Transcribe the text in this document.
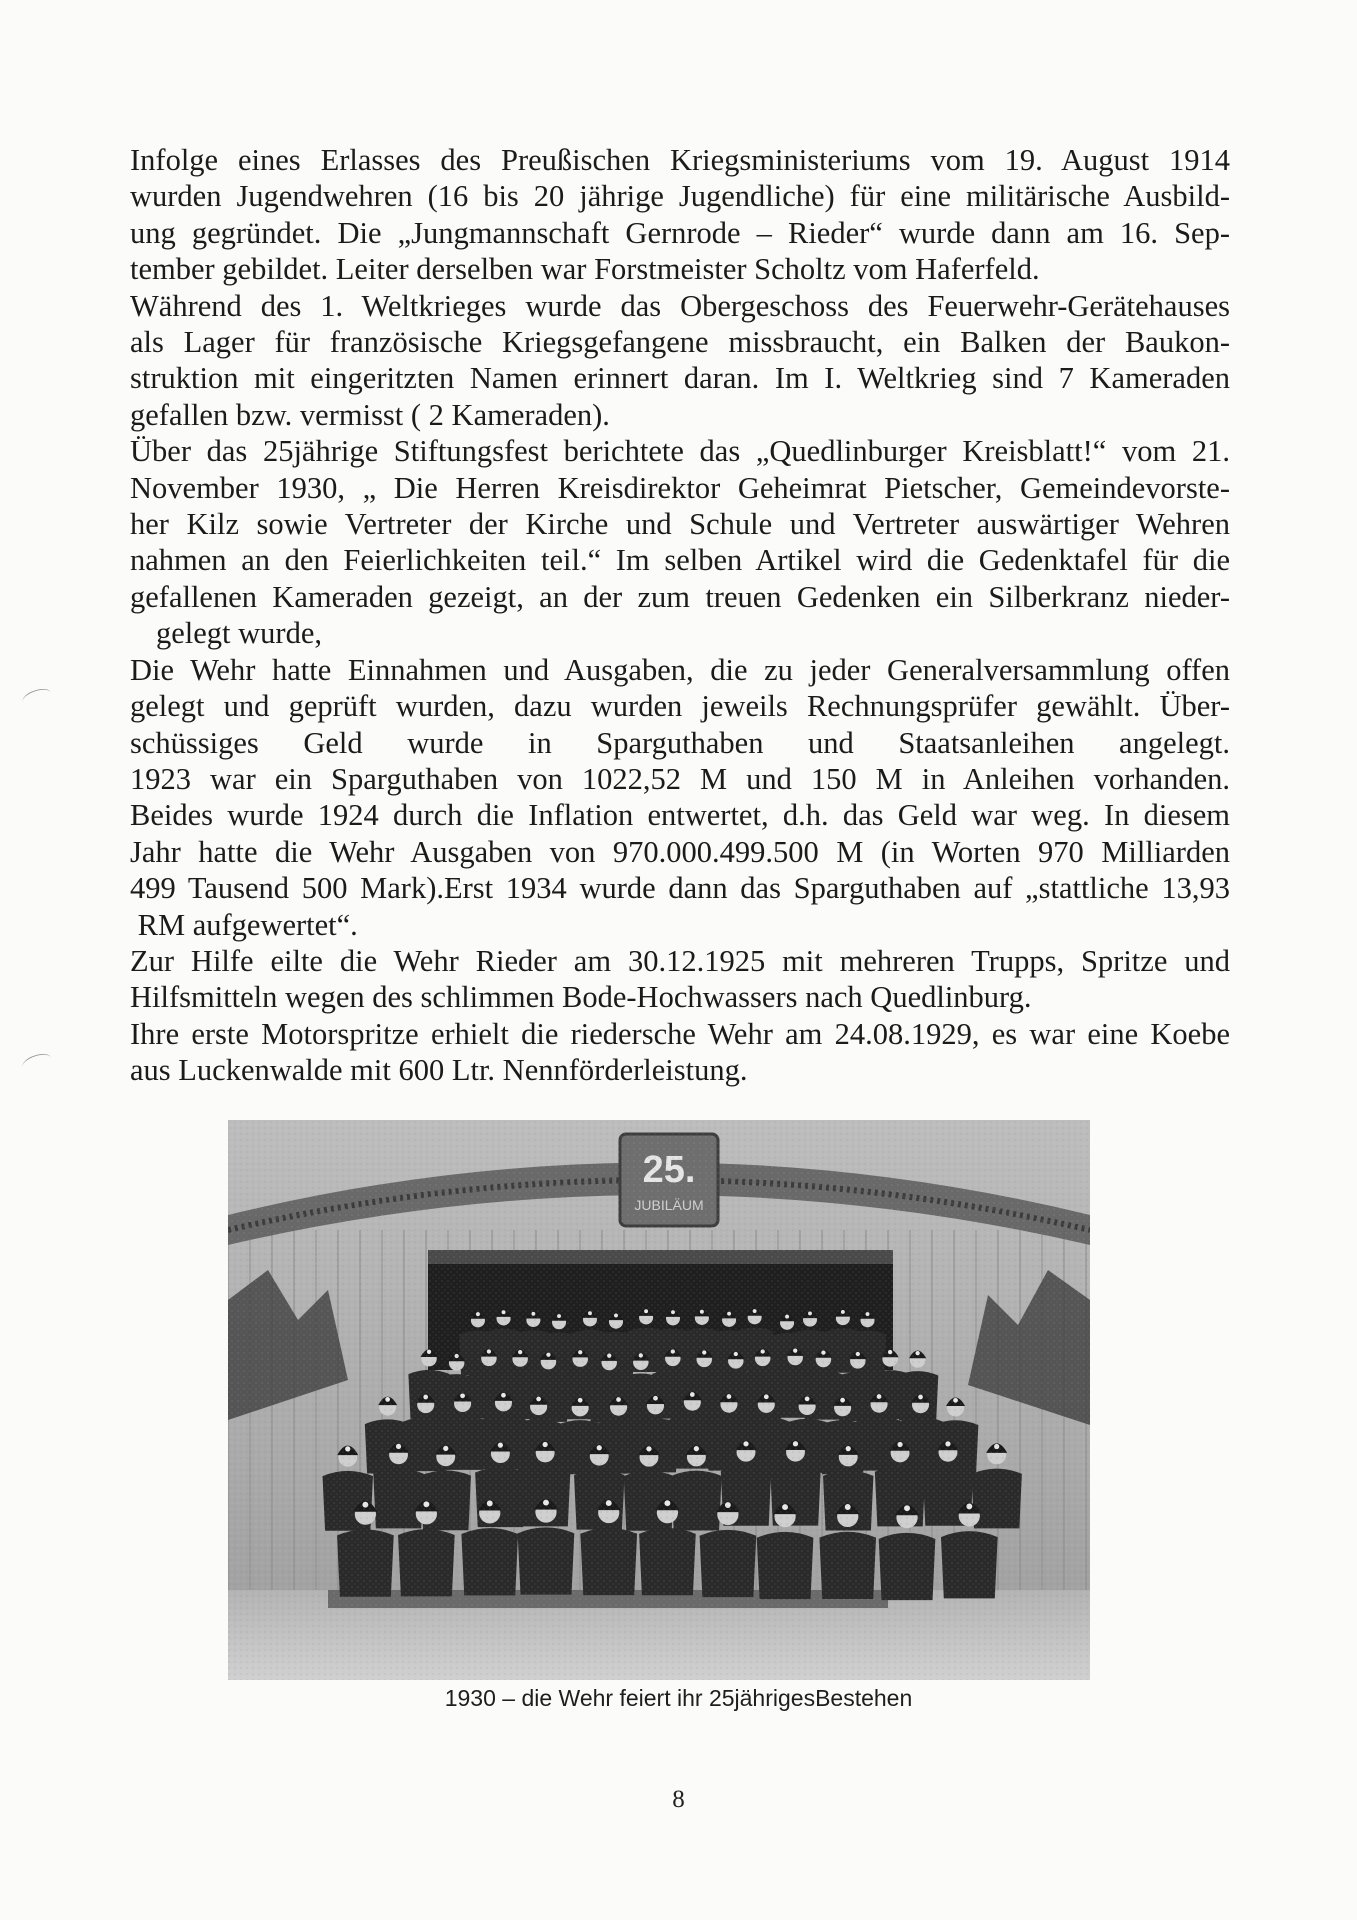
Infolge eines Erlasses des Preußischen Kriegsministeriums vom 19. August 1914
wurden Jugendwehren (16 bis 20 jährige Jugendliche) für eine militärische Ausbild-
ung gegründet. Die „Jungmannschaft Gernrode – Rieder“ wurde dann am 16. Sep-
tember gebildet. Leiter derselben war Forstmeister Scholtz vom Haferfeld.
Während des 1. Weltkrieges wurde das Obergeschoss des Feuerwehr-Gerätehauses
als Lager für französische Kriegsgefangene missbraucht, ein Balken der Baukon-
struktion mit eingeritzten Namen erinnert daran. Im I. Weltkrieg sind 7 Kameraden
gefallen bzw. vermisst ( 2 Kameraden).
Über das 25jährige Stiftungsfest berichtete das „Quedlinburger Kreisblatt!“ vom 21.
November 1930, „ Die Herren Kreisdirektor Geheimrat Pietscher, Gemeindevorste-
her Kilz sowie Vertreter der Kirche und Schule und Vertreter auswärtiger Wehren
nahmen an den Feierlichkeiten teil.“ Im selben Artikel wird die Gedenktafel für die
gefallenen Kameraden gezeigt, an der zum treuen Gedenken ein Silberkranz nieder-
gelegt wurde,
Die Wehr hatte Einnahmen und Ausgaben, die zu jeder Generalversammlung offen
gelegt und geprüft wurden, dazu wurden jeweils Rechnungsprüfer gewählt. Über-
schüssiges Geld wurde in Sparguthaben und Staatsanleihen angelegt.
1923 war ein Sparguthaben von 1022,52 M und 150 M in Anleihen vorhanden.
Beides wurde 1924 durch die Inflation entwertet, d.h. das Geld war weg. In diesem
Jahr hatte die Wehr Ausgaben von 970.000.499.500 M (in Worten 970 Milliarden
499 Tausend 500 Mark).Erst 1934 wurde dann das Sparguthaben auf „stattliche 13,93
RM aufgewertet“.
Zur Hilfe eilte die Wehr Rieder am 30.12.1925 mit mehreren Trupps, Spritze und
Hilfsmitteln wegen des schlimmen Bode-Hochwassers nach Quedlinburg.
Ihre erste Motorspritze erhielt die riedersche Wehr am 24.08.1929, es war eine Koebe
aus Luckenwalde mit 600 Ltr. Nennförderleistung.
1930 – die Wehr feiert ihr 25jährigesBestehen
8
